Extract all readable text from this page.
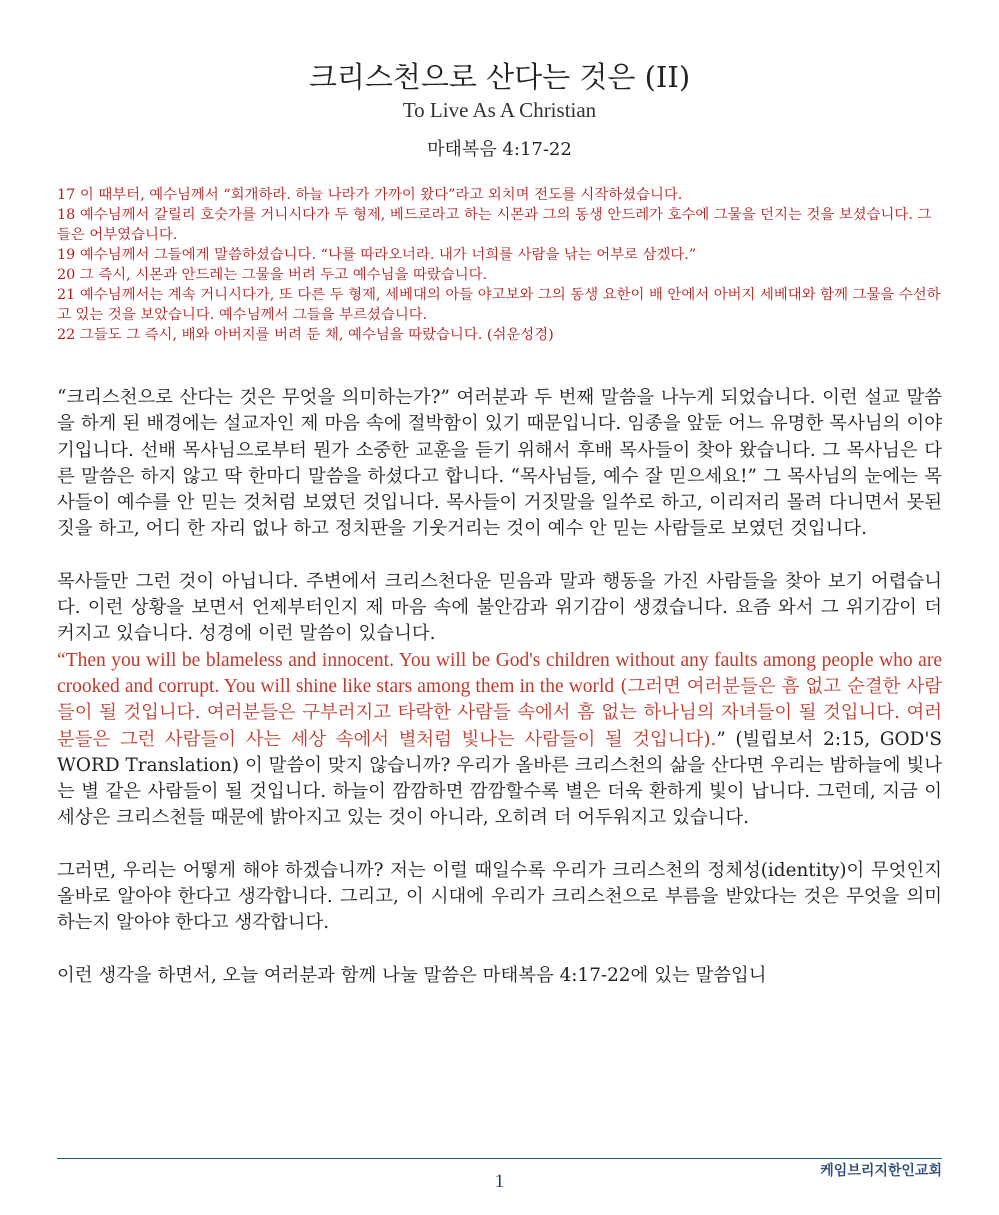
크리스천으로 산다는 것은 (II)
To Live As A Christian
마태복음 4:17-22

17 이 때부터, 예수님께서 “회개하라. 하늘 나라가 가까이 왔다”라고 외치며 전도를 시작하셨습니다.

18 예수님께서 갈릴리 호숫가를 거니시다가 두 형제, 베드로라고 하는 시몬과 그의 동생 안드레가 호수에 그물을 던지는 것을 보셨습니다. 그들은 어부였습니다.

19 예수님께서 그들에게 말씀하셨습니다. “나를 따라오너라. 내가 너희를 사람을 낚는 어부로 삼겠다.”

20 그 즉시, 시몬과 안드레는 그물을 버려 두고 예수님을 따랐습니다.

21 예수님께서는 계속 거니시다가, 또 다른 두 형제, 세베대의 아들 야고보와 그의 동생 요한이 배 안에서 아버지 세베대와 함께 그물을 수선하고 있는 것을 보았습니다. 예수님께서 그들을 부르셨습니다.

22 그들도 그 즉시, 배와 아버지를 버려 둔 채, 예수님을 따랐습니다. (쉬운성경)

“크리스천으로 산다는 것은 무엇을 의미하는가?” 여러분과 두 번째 말씀을 나누게 되었습니다. 이런 설교 말씀을 하게 된 배경에는 설교자인 제 마음 속에 절박함이 있기 때문입니다. 임종을 앞둔 어느 유명한 목사님의 이야기입니다. 선배 목사님으로부터 뭔가 소중한 교훈을 듣기 위해서 후배 목사들이 찾아 왔습니다. 그 목사님은 다른 말씀은 하지 않고 딱 한마디 말씀을 하셨다고 합니다. “목사님들, 예수 잘 믿으세요!” 그 목사님의 눈에는 목사들이 예수를 안 믿는 것처럼 보였던 것입니다. 목사들이 거짓말을 일쑤로 하고, 이리저리 몰려 다니면서 못된 짓을 하고, 어디 한 자리 없나 하고 정치판을 기웃거리는 것이 예수 안 믿는 사람들로 보였던 것입니다.

목사들만 그런 것이 아닙니다. 주변에서 크리스천다운 믿음과 말과 행동을 가진 사람들을 찾아 보기 어렵습니다. 이런 상황을 보면서 언제부터인지 제 마음 속에 불안감과 위기감이 생겼습니다. 요즘 와서 그 위기감이 더 커지고 있습니다. 성경에 이런 말씀이 있습니다.
“Then you will be blameless and innocent. You will be God's children without any faults among people who are crooked and corrupt. You will shine like stars among them in the world (그러면 여러분들은 흠 없고 순결한 사람들이 될 것입니다. 여러분들은 구부러지고 타락한 사람들 속에서 흠 없는 하나님의 자녀들이 될 것입니다. 여러분들은 그런 사람들이 사는 세상 속에서 별처럼 빛나는 사람들이 될 것입니다).” (빌립보서 2:15, GOD'S WORD Translation) 이 말씀이 맞지 않습니까? 우리가 올바른 크리스천의 삶을 산다면 우리는 밤하늘에 빛나는 별 같은 사람들이 될 것입니다. 하늘이 깜깜하면 깜깜할수록 별은 더욱 환하게 빛이 납니다. 그런데, 지금 이 세상은 크리스천들 때문에 밝아지고 있는 것이 아니라, 오히려 더 어두워지고 있습니다.

그러면, 우리는 어떻게 해야 하겠습니까? 저는 이럴 때일수록 우리가 크리스천의 정체성(identity)이 무엇인지 올바로 알아야 한다고 생각합니다. 그리고, 이 시대에 우리가 크리스천으로 부름을 받았다는 것은 무엇을 의미하는지 알아야 한다고 생각합니다.

이런 생각을 하면서, 오늘 여러분과 함께 나눌 말씀은 마태복음 4:17-22에 있는 말씀입니

1	케임브리지한인교회
